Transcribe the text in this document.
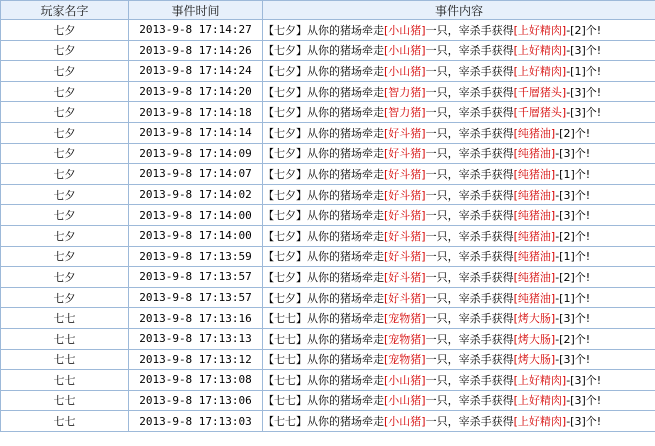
玩家名字	事件时间	事件内容
七夕	2013-9-8 17:14:27	【七夕】从你的猪场牵走[小山猪]一只，宰杀手获得[上好精肉]-[2]个!
七夕	2013-9-8 17:14:26	【七夕】从你的猪场牵走[小山猪]一只，宰杀手获得[上好精肉]-[3]个!
七夕	2013-9-8 17:14:24	【七夕】从你的猪场牵走[小山猪]一只，宰杀手获得[上好精肉]-[1]个!
七夕	2013-9-8 17:14:20	【七夕】从你的猪场牵走[智力猪]一只，宰杀手获得[千層猪头]-[3]个!
七夕	2013-9-8 17:14:18	【七夕】从你的猪场牵走[智力猪]一只，宰杀手获得[千層猪头]-[3]个!
七夕	2013-9-8 17:14:14	【七夕】从你的猪场牵走[好斗猪]一只，宰杀手获得[纯猪油]-[2]个!
七夕	2013-9-8 17:14:09	【七夕】从你的猪场牵走[好斗猪]一只，宰杀手获得[纯猪油]-[3]个!
七夕	2013-9-8 17:14:07	【七夕】从你的猪场牵走[好斗猪]一只，宰杀手获得[纯猪油]-[1]个!
七夕	2013-9-8 17:14:02	【七夕】从你的猪场牵走[好斗猪]一只，宰杀手获得[纯猪油]-[3]个!
七夕	2013-9-8 17:14:00	【七夕】从你的猪场牵走[好斗猪]一只，宰杀手获得[纯猪油]-[3]个!
七夕	2013-9-8 17:14:00	【七夕】从你的猪场牵走[好斗猪]一只，宰杀手获得[纯猪油]-[2]个!
七夕	2013-9-8 17:13:59	【七夕】从你的猪场牵走[好斗猪]一只，宰杀手获得[纯猪油]-[1]个!
七夕	2013-9-8 17:13:57	【七夕】从你的猪场牵走[好斗猪]一只，宰杀手获得[纯猪油]-[2]个!
七夕	2013-9-8 17:13:57	【七夕】从你的猪场牵走[好斗猪]一只，宰杀手获得[纯猪油]-[1]个!
七七	2013-9-8 17:13:16	【七七】从你的猪场牵走[宠物猪]一只，宰杀手获得[烤大肠]-[3]个!
七七	2013-9-8 17:13:13	【七七】从你的猪场牵走[宠物猪]一只，宰杀手获得[烤大肠]-[2]个!
七七	2013-9-8 17:13:12	【七七】从你的猪场牵走[宠物猪]一只，宰杀手获得[烤大肠]-[3]个!
七七	2013-9-8 17:13:08	【七七】从你的猪场牵走[小山猪]一只，宰杀手获得[上好精肉]-[3]个!
七七	2013-9-8 17:13:06	【七七】从你的猪场牵走[小山猪]一只，宰杀手获得[上好精肉]-[3]个!
七七	2013-9-8 17:13:03	【七七】从你的猪场牵走[小山猪]一只，宰杀手获得[上好精肉]-[3]个!
